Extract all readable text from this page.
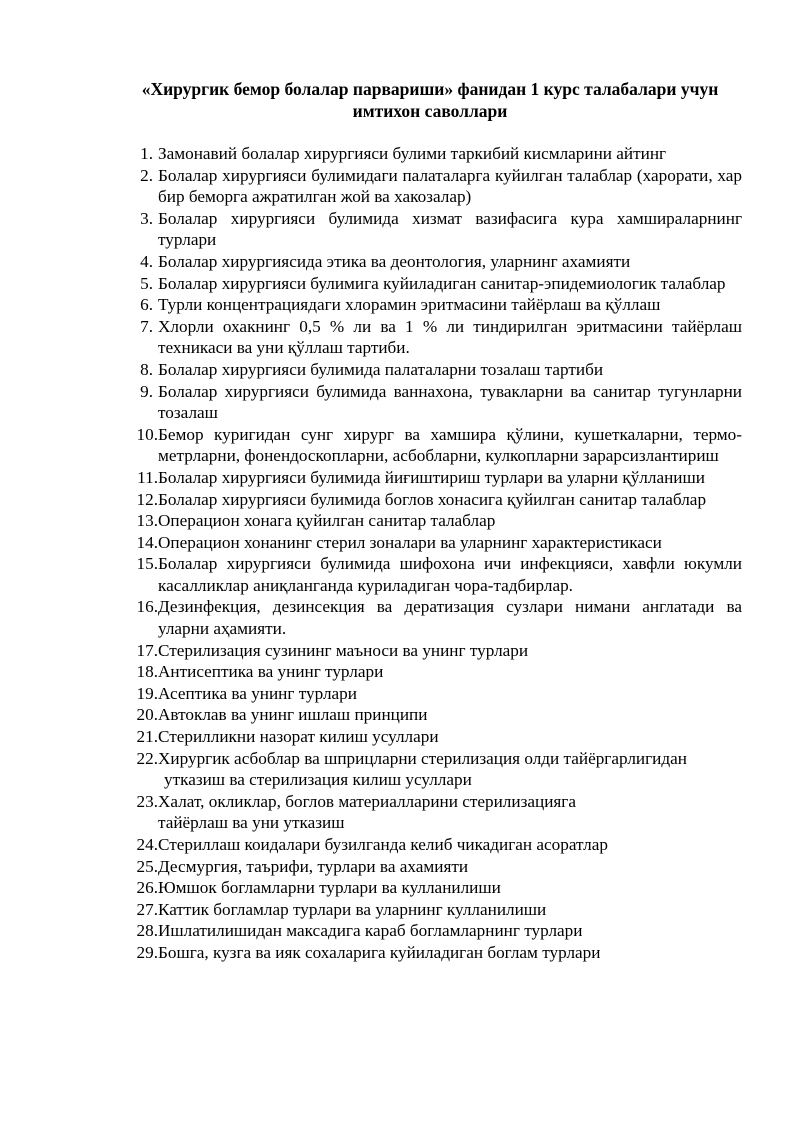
«Хирургик бемор болалар парвариши» фанидан 1 курс талабалари учун
имтихон саволлари
1. Замонавий болалар хирургияси булими таркибий кисмларини айтинг
2. Болалар хирургияси булимидаги палаталарга куйилган талаблар (харорати, хар бир беморга ажратилган жой ва хакозалар)
3. Болалар хирургияси булимида хизмат вазифасига кура хамшираларнинг турлари
4. Болалар хирургиясида этика ва деонтология, уларнинг ахамияти
5. Болалар хирургияси булимига куйиладиган санитар-эпидемиологик талаблар
6. Турли концентрациядаги хлорамин эритмасини тайёрлаш ва қўллаш
7. Хлорли охакнинг 0,5 % ли ва 1 % ли тиндирилган эритмасини тайёрлаш техникаси ва уни қўллаш тартиби.
8. Болалар хирургияси булимида палаталарни тозалаш тартиби
9. Болалар хирургияси булимида ваннахона, тувакларни ва санитар тугунларни тозалаш
10. Бемор куригидан сунг хирург ва хамшира қўлини, кушеткаларни, термо-метрларни, фонендоскопларни, асбобларни, кулкопларни зарарсизлантириш
11. Болалар хирургияси булимида йиғиштириш турлари ва уларни қўлланиши
12. Болалар хирургияси булимида боглов хонасига қуйилган санитар талаблар
13. Операцион хонага қуйилган санитар талаблар
14. Операцион хонанинг стерил зоналари ва уларнинг характеристикаси
15. Болалар хирургияси булимида шифохона ичи инфекцияси, хавфли юкумли касалликлар аниқланганда куриладиган чора-тадбирлар.
16. Дезинфекция, дезинсекция ва дератизация сузлари нимани англатади ва уларни аҳамияти.
17. Стерилизация сузининг маъноси ва унинг турлари
18. Антисептика ва унинг турлари
19. Асептика ва унинг турлари
20. Автоклав ва унинг ишлаш принципи
21. Стерилликни назорат килиш усуллари
22. Хирургик асбоблар ва шприцларни стерилизация олди тайёргарлигидан
утказиш ва стерилизация килиш усуллари
23. Халат, окликлар, боглов материалларини стерилизацияга
тайёрлаш ва уни утказиш
24. Стериллаш коидалари бузилганда келиб чикадиган асоратлар
25. Десмургия, таърифи, турлари ва ахамияти
26. Юмшок богламларни турлари ва кулланилиши
27. Каттик богламлар турлари ва уларнинг кулланилиши
28. Ишлатилишидан максадига караб богламларнинг турлари
29. Бошга, кузга ва ияк сохаларига куйиладиган боглам турлари
